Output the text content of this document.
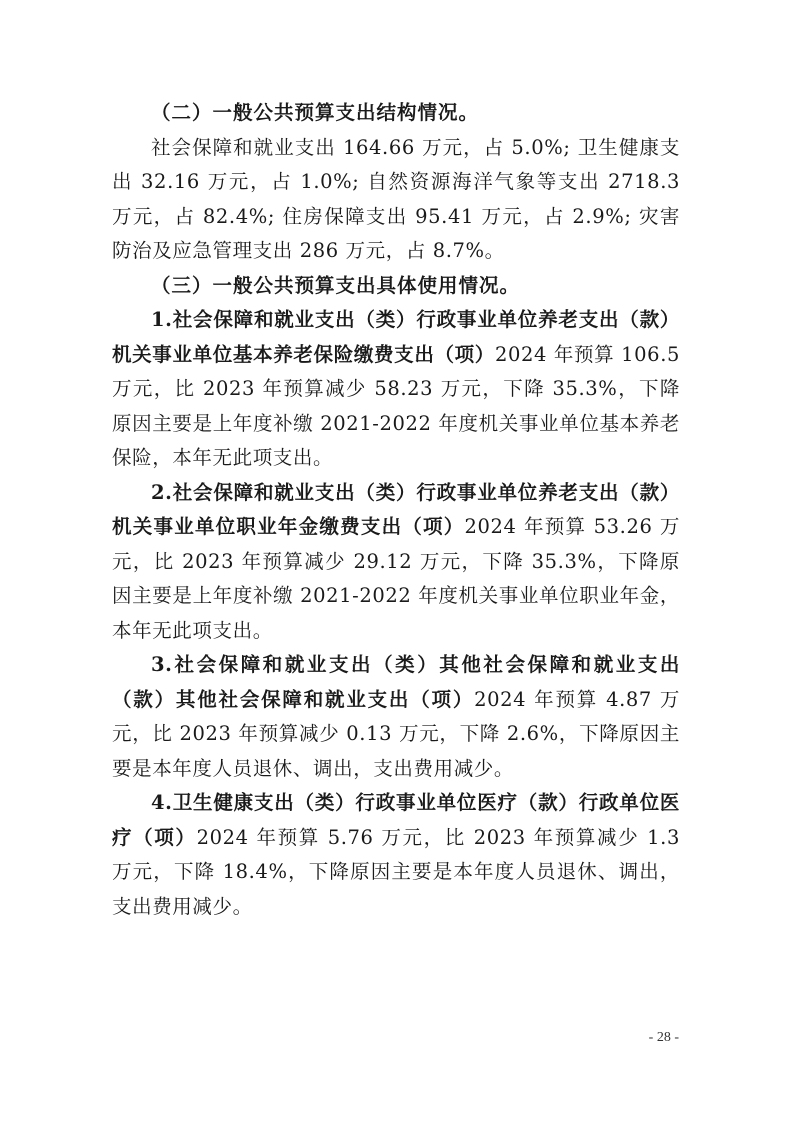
（二）一般公共预算支出结构情况。

社会保障和就业支出 164.66 万元，占 5.0%; 卫生健康支出 32.16 万元，占 1.0%; 自然资源海洋气象等支出 2718.3 万元，占 82.4%; 住房保障支出 95.41 万元，占 2.9%; 灾害防治及应急管理支出 286 万元，占 8.7%。

（三）一般公共预算支出具体使用情况。

1.社会保障和就业支出（类）行政事业单位养老支出（款）机关事业单位基本养老保险缴费支出（项）2024 年预算 106.5 万元，比 2023 年预算减少 58.23 万元，下降 35.3%，下降原因主要是上年度补缴 2021-2022 年度机关事业单位基本养老保险，本年无此项支出。

2.社会保障和就业支出（类）行政事业单位养老支出（款）机关事业单位职业年金缴费支出（项）2024 年预算 53.26 万元，比 2023 年预算减少 29.12 万元，下降 35.3%，下降原因主要是上年度补缴 2021-2022 年度机关事业单位职业年金，本年无此项支出。

3.社会保障和就业支出（类）其他社会保障和就业支出（款）其他社会保障和就业支出（项）2024 年预算 4.87 万元，比 2023 年预算减少 0.13 万元，下降 2.6%，下降原因主要是本年度人员退休、调出，支出费用减少。

4.卫生健康支出（类）行政事业单位医疗（款）行政单位医疗（项）2024 年预算 5.76 万元，比 2023 年预算减少 1.3 万元，下降 18.4%，下降原因主要是本年度人员退休、调出，支出费用减少。

- 28 -
